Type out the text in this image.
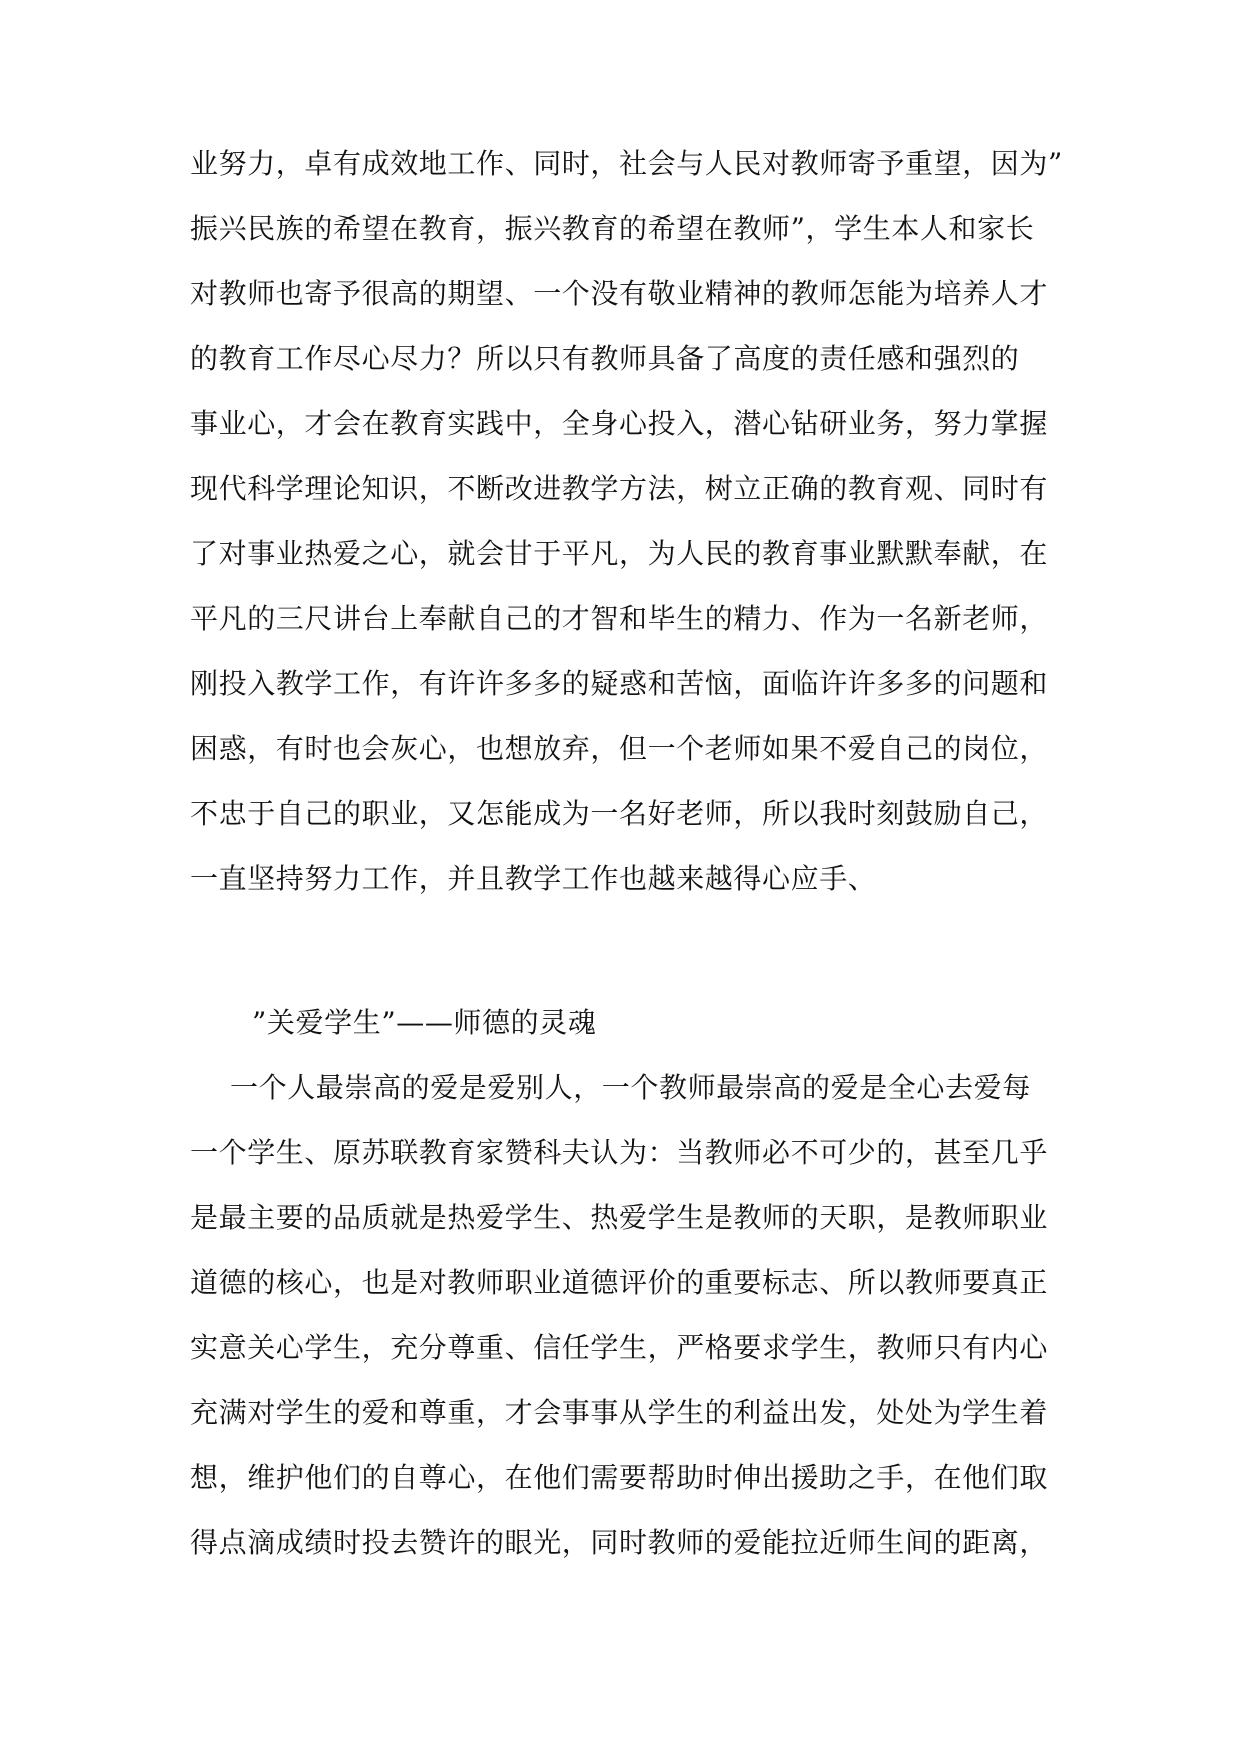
业努力，卓有成效地工作、同时，社会与人民对教师寄予重望，因为”
振兴民族的希望在教育，振兴教育的希望在教师”，学生本人和家长
对教师也寄予很高的期望、一个没有敬业精神的教师怎能为培养人才
的教育工作尽心尽力？所以只有教师具备了高度的责任感和强烈的
事业心，才会在教育实践中，全身心投入，潜心钻研业务，努力掌握
现代科学理论知识，不断改进教学方法，树立正确的教育观、同时有
了对事业热爱之心，就会甘于平凡，为人民的教育事业默默奉献，在
平凡的三尺讲台上奉献自己的才智和毕生的精力、作为一名新老师，
刚投入教学工作，有许许多多的疑惑和苦恼，面临许许多多的问题和
困惑，有时也会灰心，也想放弃，但一个老师如果不爱自己的岗位，
不忠于自己的职业，又怎能成为一名好老师，所以我时刻鼓励自己，
一直坚持努力工作，并且教学工作也越来越得心应手、
”关爱学生”——师德的灵魂
一个人最崇高的爱是爱别人，一个教师最崇高的爱是全心去爱每
一个学生、原苏联教育家赞科夫认为：当教师必不可少的，甚至几乎
是最主要的品质就是热爱学生、热爱学生是教师的天职，是教师职业
道德的核心，也是对教师职业道德评价的重要标志、所以教师要真正
实意关心学生，充分尊重、信任学生，严格要求学生，教师只有内心
充满对学生的爱和尊重，才会事事从学生的利益出发，处处为学生着
想，维护他们的自尊心，在他们需要帮助时伸出援助之手，在他们取
得点滴成绩时投去赞许的眼光，同时教师的爱能拉近师生间的距离，
